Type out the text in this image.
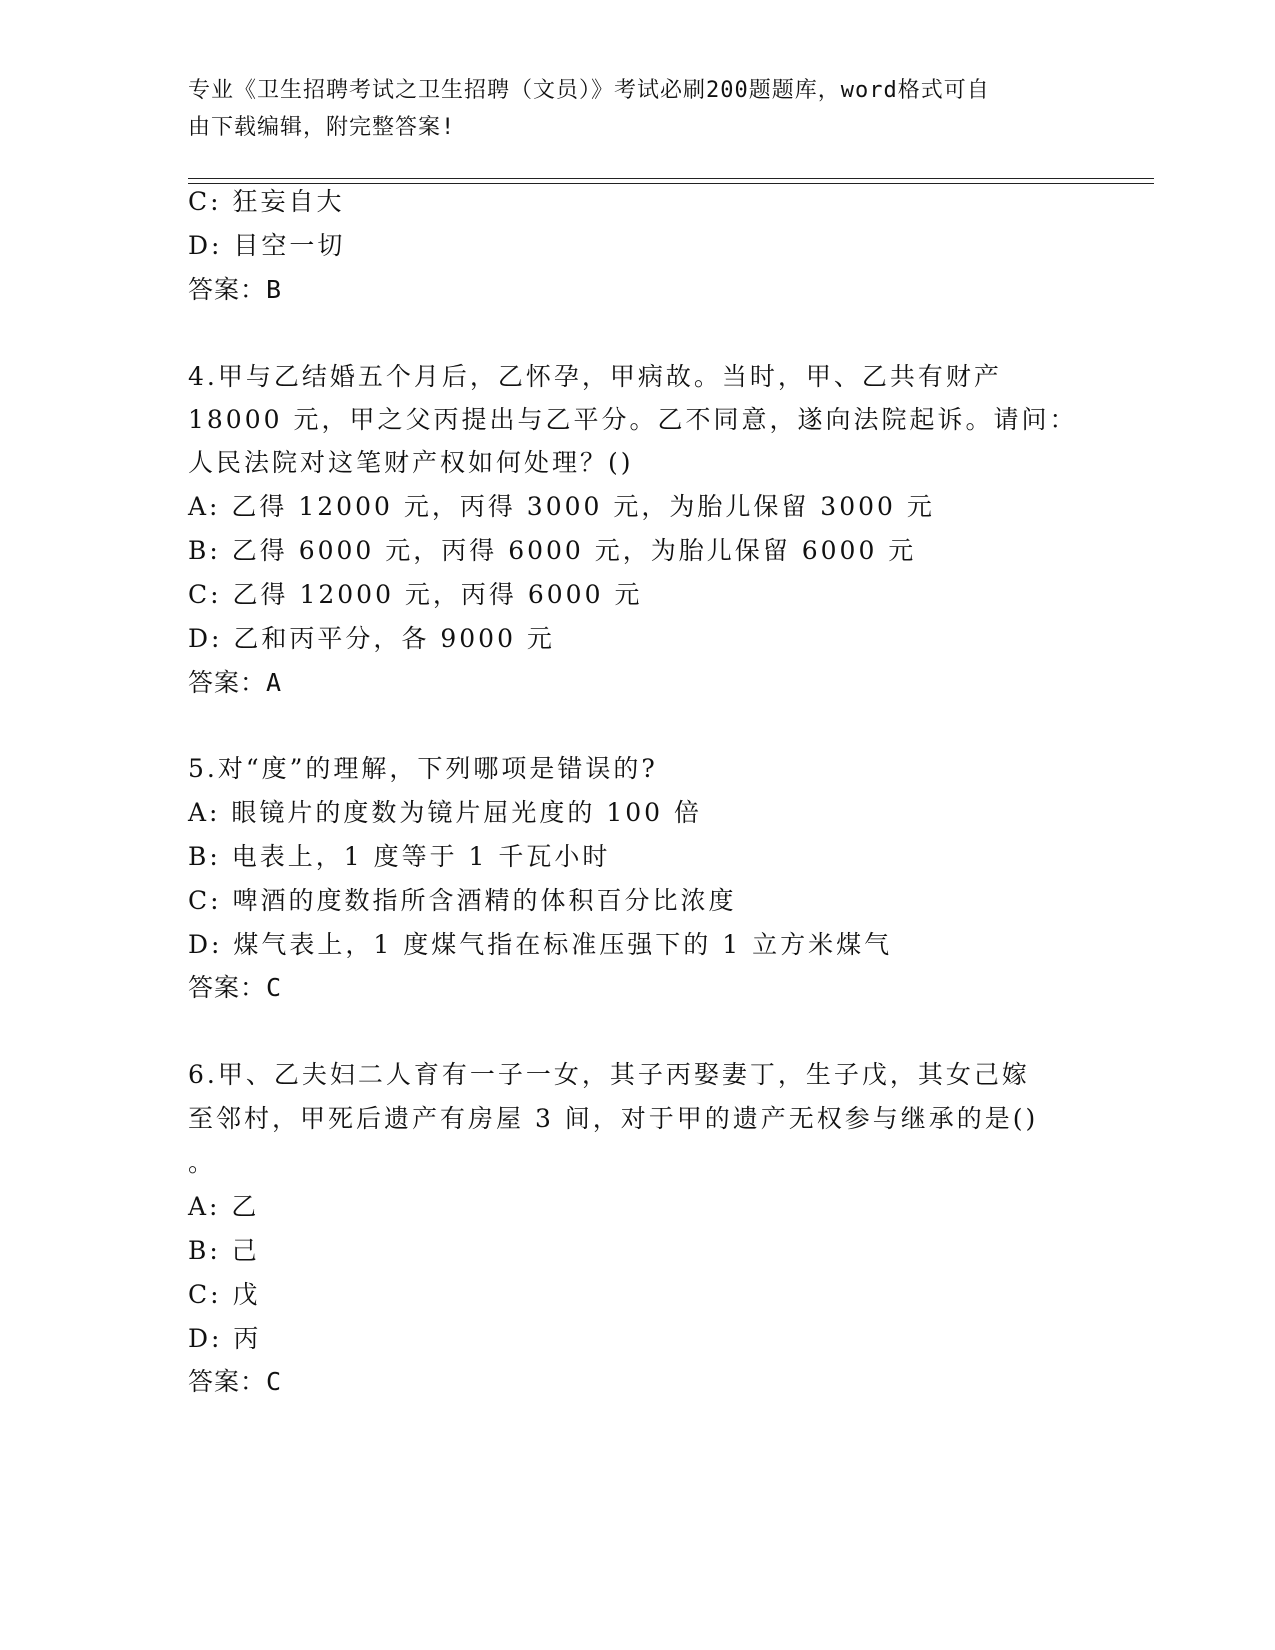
专业《卫生招聘考试之卫生招聘（文员）》考试必刷200题题库，word格式可自
由下载编辑，附完整答案!
C: 狂妄自大
D: 目空一切
答案：B
4.甲与乙结婚五个月后，乙怀孕，甲病故。当时，甲、乙共有财产
18000 元，甲之父丙提出与乙平分。乙不同意，遂向法院起诉。请问：
人民法院对这笔财产权如何处理？()
A: 乙得 12000 元，丙得 3000 元，为胎儿保留 3000 元
B: 乙得 6000 元，丙得 6000 元，为胎儿保留 6000 元
C: 乙得 12000 元，丙得 6000 元
D: 乙和丙平分，各 9000 元
答案：A
5.对“度”的理解，下列哪项是错误的?
A: 眼镜片的度数为镜片屈光度的 100 倍
B: 电表上，1 度等于 1 千瓦小时
C: 啤酒的度数指所含酒精的体积百分比浓度
D: 煤气表上，1 度煤气指在标准压强下的 1 立方米煤气
答案：C
6.甲、乙夫妇二人育有一子一女，其子丙娶妻丁，生子戊，其女己嫁
至邻村，甲死后遗产有房屋 3 间，对于甲的遗产无权参与继承的是()
。
A: 乙
B: 己
C: 戊
D: 丙
答案：C
